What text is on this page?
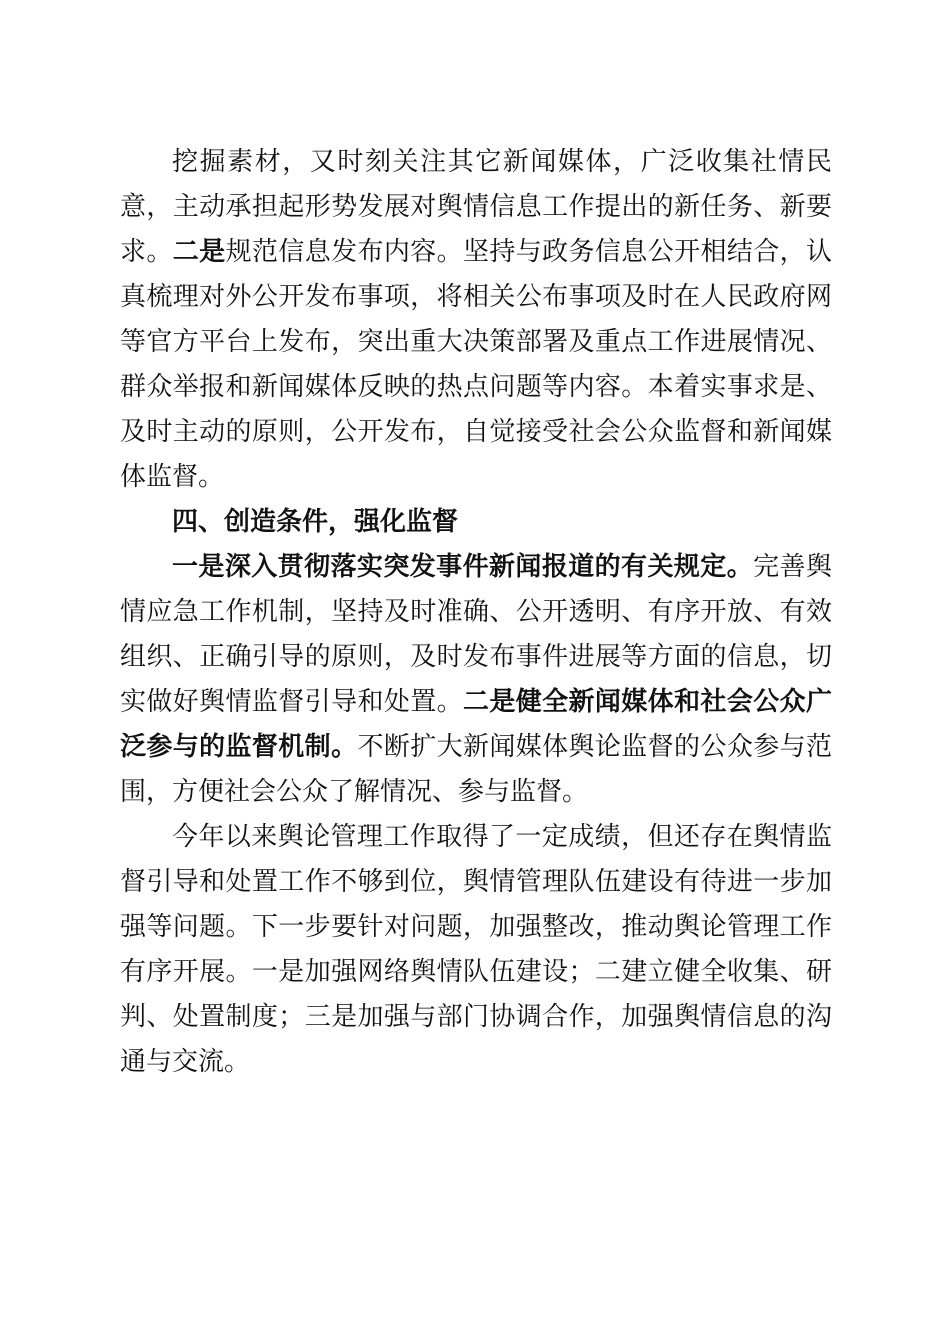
挖掘素材，又时刻关注其它新闻媒体，广泛收集社情民意，主动承担起形势发展对舆情信息工作提出的新任务、新要求。二是规范信息发布内容。坚持与政务信息公开相结合，认真梳理对外公开发布事项，将相关公布事项及时在人民政府网等官方平台上发布，突出重大决策部署及重点工作进展情况、群众举报和新闻媒体反映的热点问题等内容。本着实事求是、及时主动的原则，公开发布，自觉接受社会公众监督和新闻媒体监督。

四、创造条件，强化监督

一是深入贯彻落实突发事件新闻报道的有关规定。完善舆情应急工作机制，坚持及时准确、公开透明、有序开放、有效组织、正确引导的原则，及时发布事件进展等方面的信息，切实做好舆情监督引导和处置。二是健全新闻媒体和社会公众广泛参与的监督机制。不断扩大新闻媒体舆论监督的公众参与范围，方便社会公众了解情况、参与监督。

今年以来舆论管理工作取得了一定成绩，但还存在舆情监督引导和处置工作不够到位，舆情管理队伍建设有待进一步加强等问题。下一步要针对问题，加强整改，推动舆论管理工作有序开展。一是加强网络舆情队伍建设；二建立健全收集、研判、处置制度；三是加强与部门协调合作，加强舆情信息的沟通与交流。
